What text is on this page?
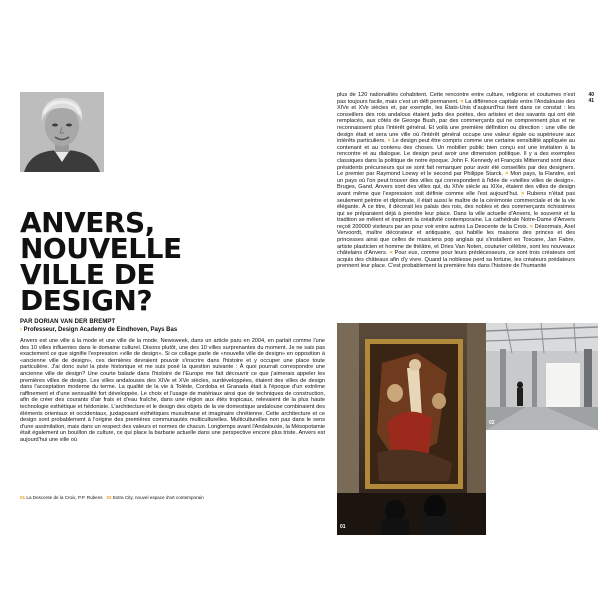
ANVERS,
NOUVELLE
VILLE DE
DESIGN?
PAR DORIAN VAN DER BREMPT
› Professeur, Design Academy de Eindhoven, Pays Bas
Anvers est une ville à la mode et une ville de la mode. Newsweek, dans un article paru en 2004, en parlait comme l'une des 10 villes influentes dans le domaine culturel. Disons plutôt, une des 10 villes surprenantes du moment. Je ne sais pas exactement ce que signifie l'expression «ville de design». Si ce collage parle de «nouvelle ville de design» en opposition à «ancienne ville de design», ces dernières devraient pouvoir s'inscrire dans l'histoire et y occuper une place toute particulière. J'ai donc suivi la piste historique et me suis posé la question suivante : À quoi pourrait correspondre une ancienne ville de design? Une courte balade dans l'histoire de l'Europe me fait découvrir ce que j'aimerais appeler les premières villes de design. Les villes andalouses des XIVe et XVe siècles, surdéveloppées, étaient des villes de design dans l'acceptation moderne du terme. La qualité de la vie à Tolède, Cordoba et Granada était à l'époque d'un extrême raffinement et d'une sensualité fort développée. Le choix et l'usage de matériaux ainsi que de techniques de construction, afin de créer des courants d'air frais et d'eau fraîche, dans une région aux étés tropicaux, relevaient de la plus haute technologie esthétique et hédoniste. L'architecture et le design des objets de la vie domestique andalouse combinaient des éléments orientaux et occidentaux, juxtaposant esthétiques musulmane et imaginaire chrétienne. Cette architecture et ce design sont probablement à l'origine des premières communautés multiculturelles. Multiculturelles non pas dans le sens d'une assimilation, mais dans un respect des valeurs et normes de chacun. Longtemps avant l'Andalousie, la Mésopotamie était également un bouillon de culture, ce qui place la barbarie actuelle dans une perspective encore plus triste. Anvers est aujourd'hui une ville où
01 La Descente de la Croix, P.P. Rubens 02 Extra City, nouvel espace d'art contemporain
40
41
plus de 120 nationalités cohabitent. Cette rencontre entre culture, religions et coutumes n'est pas toujours facile, mais c'est un défi permanent. × La différence capitale entre l'Andalousie des XIVe et XVe siècles et, par exemple, les États-Unis d'aujourd'hui tient dans ce constat : les conseillers des rois andalous étaient jadis des poètes, des artistes et des savants qui ont été remplacés, aux côtés de George Bush, par des commerçants qui ne comprennent plus et ne reconnaissent plus l'intérêt général. Et voilà une première définition ou direction : une ville de design était et sera une ville où l'intérêt général occupe une valeur égale ou supérieure aux intérêts particuliers. × Le design peut être compris comme une certaine sensibilité appliquée au contenant et au contenu des choses. Un mobilier public bien conçu est une invitation à la rencontre et au dialogue. Le design peut avoir une dimension politique. Il y a des exemples classiques dans la politique de notre époque. John F. Kennedy et François Mitterrand sont deux présidents précurseurs qui se sont fait remarquer pour avoir été conseillés par des designers. Le premier par Raymond Loewy et le second par Philippe Starck. × Mon pays, la Flandre, est un pays où l'on peut trouver des villes qui correspondent à l'idée de «vieilles villes de design». Bruges, Gand, Anvers sont des villes qui, du XIVe siècle au XIXe, étaient des villes de design avant même que l'expression soit définie comme elle l'est aujourd'hui. × Rubens n'était pas seulement peintre et diplomate, il était aussi le maître de la cérémonie commerciale et de la vie élégante. À ce titre, il décorait les palais des rois, des nobles et des commerçants richissimes qui se préparaient déjà à prendre leur place. Dans la ville actuelle d'Anvers, le souvenir et la tradition se mêlent et inspirent la créativité contemporaine. La cathédrale Notre-Dame d'Anvers reçoit 200000 visiteurs par an pour voir entre autres La Descente de la Croix. × Désormais, Axel Vervoordt, maître décorateur et antiquaire, qui habille les maisons des princes et des princesses ainsi que celles de musiciens pop anglais qui s'installent en Toscane, Jan Fabre, artiste plasticien et homme de théâtre, et Dries Van Noten, couturier célèbre, sont les nouveaux châtelains d'Anvers. × Pour eux, comme pour leurs prédécesseurs, ce sont trois créateurs ont acquis des châteaux afin d'y vivre. Quand la noblesse perd sa fortune, les créateurs prédateurs prennent leur place. C'est probablement la première fois dans l'histoire de l'humanité
01
02
